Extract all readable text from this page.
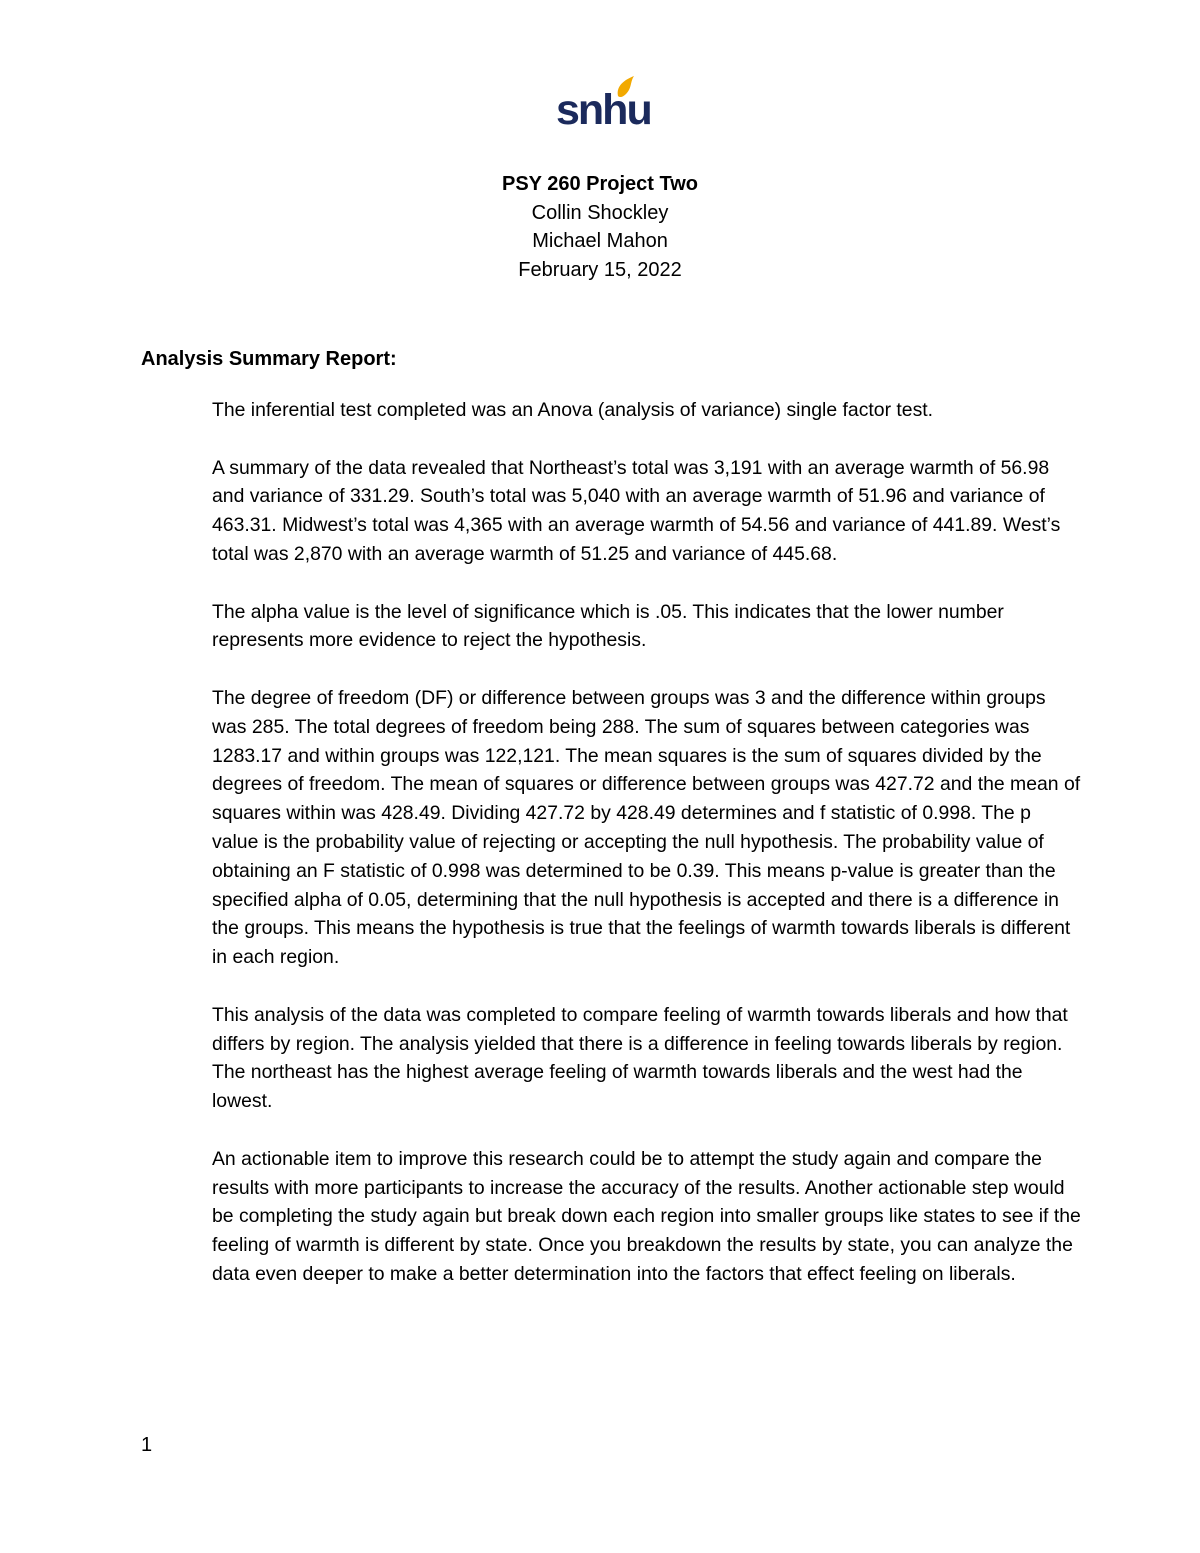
snhu
PSY 260 Project Two
Collin Shockley
Michael Mahon
February 15, 2022
Analysis Summary Report:

The inferential test completed was an Anova (analysis of variance) single factor test.

A summary of the data revealed that Northeast’s total was 3,191 with an average warmth of 56.98 and variance of 331.29. South’s total was 5,040 with an average warmth of 51.96 and variance of 463.31. Midwest’s total was 4,365 with an average warmth of 54.56 and variance of 441.89. West’s total was 2,870 with an average warmth of 51.25 and variance of 445.68.

The alpha value is the level of significance which is .05. This indicates that the lower number represents more evidence to reject the hypothesis.

The degree of freedom (DF) or difference between groups was 3 and the difference within groups was 285. The total degrees of freedom being 288. The sum of squares between categories was 1283.17 and within groups was 122,121. The mean squares is the sum of squares divided by the degrees of freedom. The mean of squares or difference between groups was 427.72 and the mean of squares within was 428.49. Dividing 427.72 by 428.49 determines and f statistic of 0.998. The p value is the probability value of rejecting or accepting the null hypothesis. The probability value of obtaining an F statistic of 0.998 was determined to be 0.39. This means p-value is greater than the specified alpha of 0.05, determining that the null hypothesis is accepted and there is a difference in the groups. This means the hypothesis is true that the feelings of warmth towards liberals is different in each region.

This analysis of the data was completed to compare feeling of warmth towards liberals and how that differs by region. The analysis yielded that there is a difference in feeling towards liberals by region. The northeast has the highest average feeling of warmth towards liberals and the west had the lowest.

An actionable item to improve this research could be to attempt the study again and compare the results with more participants to increase the accuracy of the results. Another actionable step would be completing the study again but break down each region into smaller groups like states to see if the feeling of warmth is different by state. Once you breakdown the results by state, you can analyze the data even deeper to make a better determination into the factors that effect feeling on liberals.

1
